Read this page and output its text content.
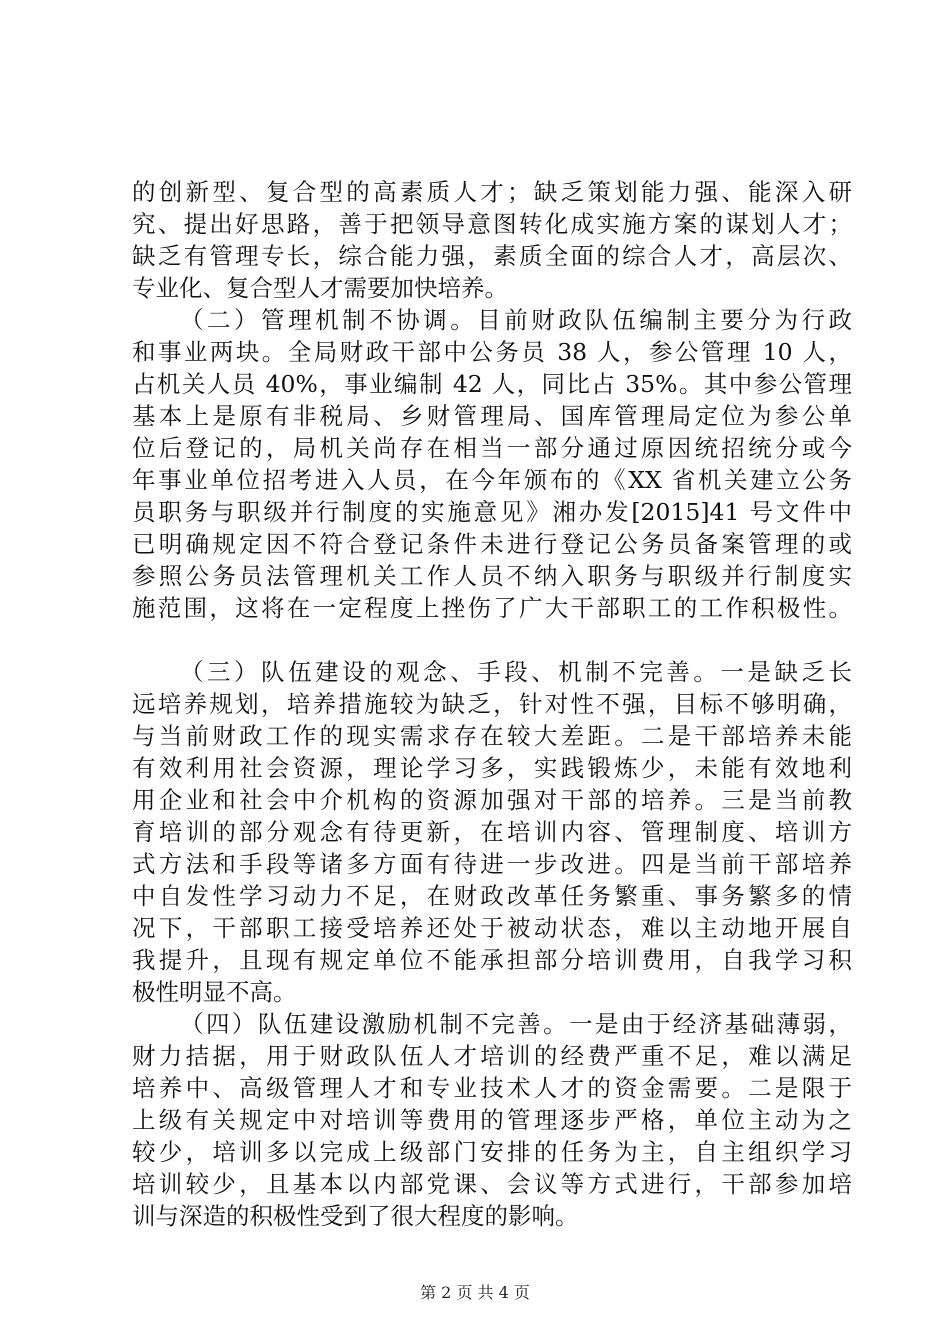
的创新型、复合型的高素质人才；缺乏策划能力强、能深入研
究、提出好思路，善于把领导意图转化成实施方案的谋划人才；
缺乏有管理专长，综合能力强，素质全面的综合人才，高层次、
专业化、复合型人才需要加快培养。
（二）管理机制不协调。目前财政队伍编制主要分为行政
和事业两块。全局财政干部中公务员 38 人，参公管理 10 人，
占机关人员 40%，事业编制 42 人，同比占 35%。其中参公管理
基本上是原有非税局、乡财管理局、国库管理局定位为参公单
位后登记的，局机关尚存在相当一部分通过原因统招统分或今
年事业单位招考进入人员，在今年颁布的《XX 省机关建立公务
员职务与职级并行制度的实施意见》湘办发[2015]41 号文件中
已明确规定因不符合登记条件未进行登记公务员备案管理的或
参照公务员法管理机关工作人员不纳入职务与职级并行制度实
施范围，这将在一定程度上挫伤了广大干部职工的工作积极性。
（三）队伍建设的观念、手段、机制不完善。一是缺乏长
远培养规划，培养措施较为缺乏，针对性不强，目标不够明确，
与当前财政工作的现实需求存在较大差距。二是干部培养未能
有效利用社会资源，理论学习多，实践锻炼少，未能有效地利
用企业和社会中介机构的资源加强对干部的培养。三是当前教
育培训的部分观念有待更新，在培训内容、管理制度、培训方
式方法和手段等诸多方面有待进一步改进。四是当前干部培养
中自发性学习动力不足，在财政改革任务繁重、事务繁多的情
况下，干部职工接受培养还处于被动状态，难以主动地开展自
我提升，且现有规定单位不能承担部分培训费用，自我学习积
极性明显不高。
（四）队伍建设激励机制不完善。一是由于经济基础薄弱，
财力拮据，用于财政队伍人才培训的经费严重不足，难以满足
培养中、高级管理人才和专业技术人才的资金需要。二是限于
上级有关规定中对培训等费用的管理逐步严格，单位主动为之
较少，培训多以完成上级部门安排的任务为主，自主组织学习
培训较少，且基本以内部党课、会议等方式进行，干部参加培
训与深造的积极性受到了很大程度的影响。
第 2 页 共 4 页
